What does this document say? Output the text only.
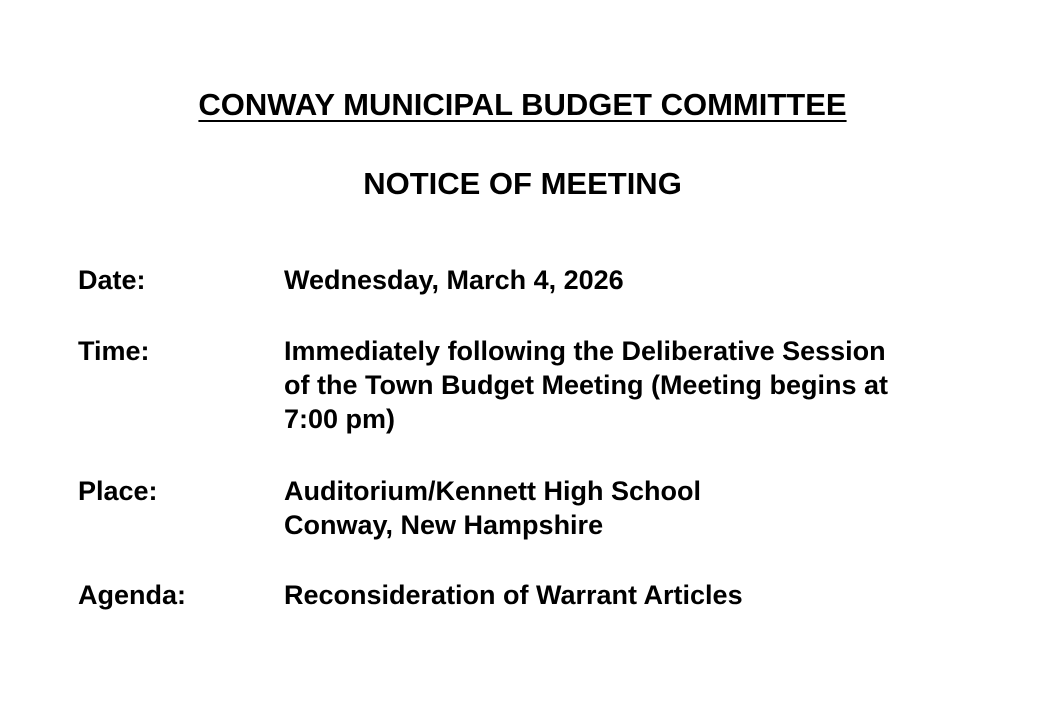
CONWAY MUNICIPAL BUDGET COMMITTEE
NOTICE OF MEETING
Date:	Wednesday, March 4, 2026
Time:	Immediately following the Deliberative Session
of the Town Budget Meeting (Meeting begins at
7:00 pm)
Place:	Auditorium/Kennett High School
Conway, New Hampshire
Agenda:	Reconsideration of Warrant Articles
